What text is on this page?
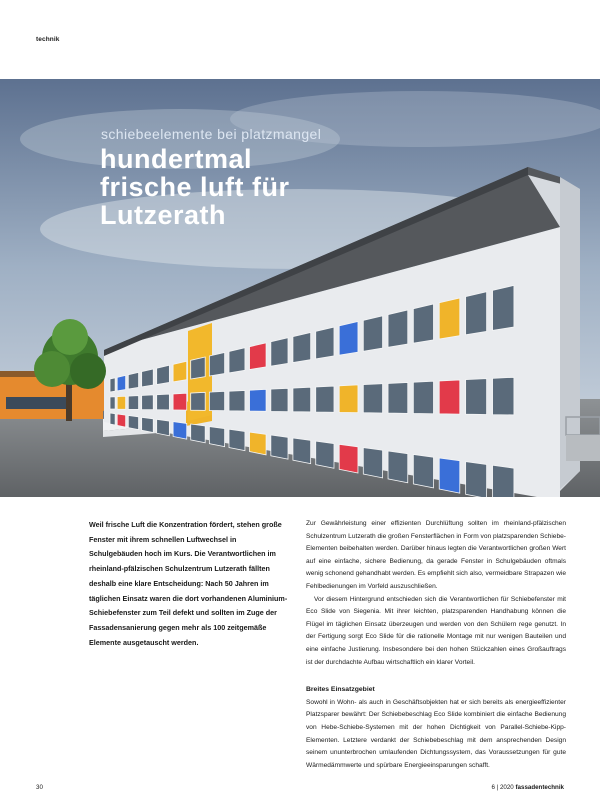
technik
schiebeelemente bei platzmangel
hundertmal
frische luft für
Lutzerath

Weil frische Luft die Konzentration fördert, stehen große Fenster mit ihrem schnellen Luftwechsel in Schulgebäuden hoch im Kurs. Die Verantwortlichen im rheinland-pfälzischen Schulzentrum Lutzerath fällten deshalb eine klare Entscheidung: Nach 50 Jahren im täglichen Einsatz waren die dort vorhandenen Aluminium-Schiebefenster zum Teil defekt und sollten im Zuge der Fassadensanierung gegen mehr als 100 zeitgemäße Elemente ausgetauscht werden.

Zur Gewährleistung einer effizienten Durchlüftung sollten im rheinland-pfälzischen Schulzentrum Lutzerath die großen Fensterflächen in Form von platzsparenden Schiebe-Elementen beibehalten werden. Darüber hinaus legten die Verantwortlichen großen Wert auf eine einfache, sichere Bedienung, da gerade Fenster in Schulgebäuden oftmals wenig schonend gehandhabt werden. Es empfiehlt sich also, vermeidbare Strapazen wie Fehlbedienungen im Vorfeld auszuschließen.

Vor diesem Hintergrund entschieden sich die Verantwortlichen für Schiebefenster mit Eco Slide von Siegenia. Mit ihrer leichten, platzsparenden Handhabung können die Flügel im täglichen Einsatz überzeugen und werden von den Schülern rege genutzt. In der Fertigung sorgt Eco Slide für die rationelle Montage mit nur wenigen Bauteilen und eine einfache Justierung. Insbesondere bei den hohen Stückzahlen eines Großauftrags ist der durchdachte Aufbau wirtschaftlich ein klarer Vorteil.

Breites Einsatzgebiet

Sowohl in Wohn- als auch in Geschäftsobjekten hat er sich bereits als energieeffizienter Platzsparer bewährt: Der Schiebebeschlag Eco Slide kombiniert die einfache Bedienung von Hebe-Schiebe-Systemen mit der hohen Dichtigkeit von Parallel-Schiebe-Kipp-Elementen. Letztere verdankt der Schiebebeschlag mit dem ansprechenden Design seinem ununterbrochen umlaufenden Dichtungssystem, das Voraussetzungen für gute Wärmedämmwerte und spürbare Energieeinsparungen schafft.

30	6 | 2020 fassadentechnik
